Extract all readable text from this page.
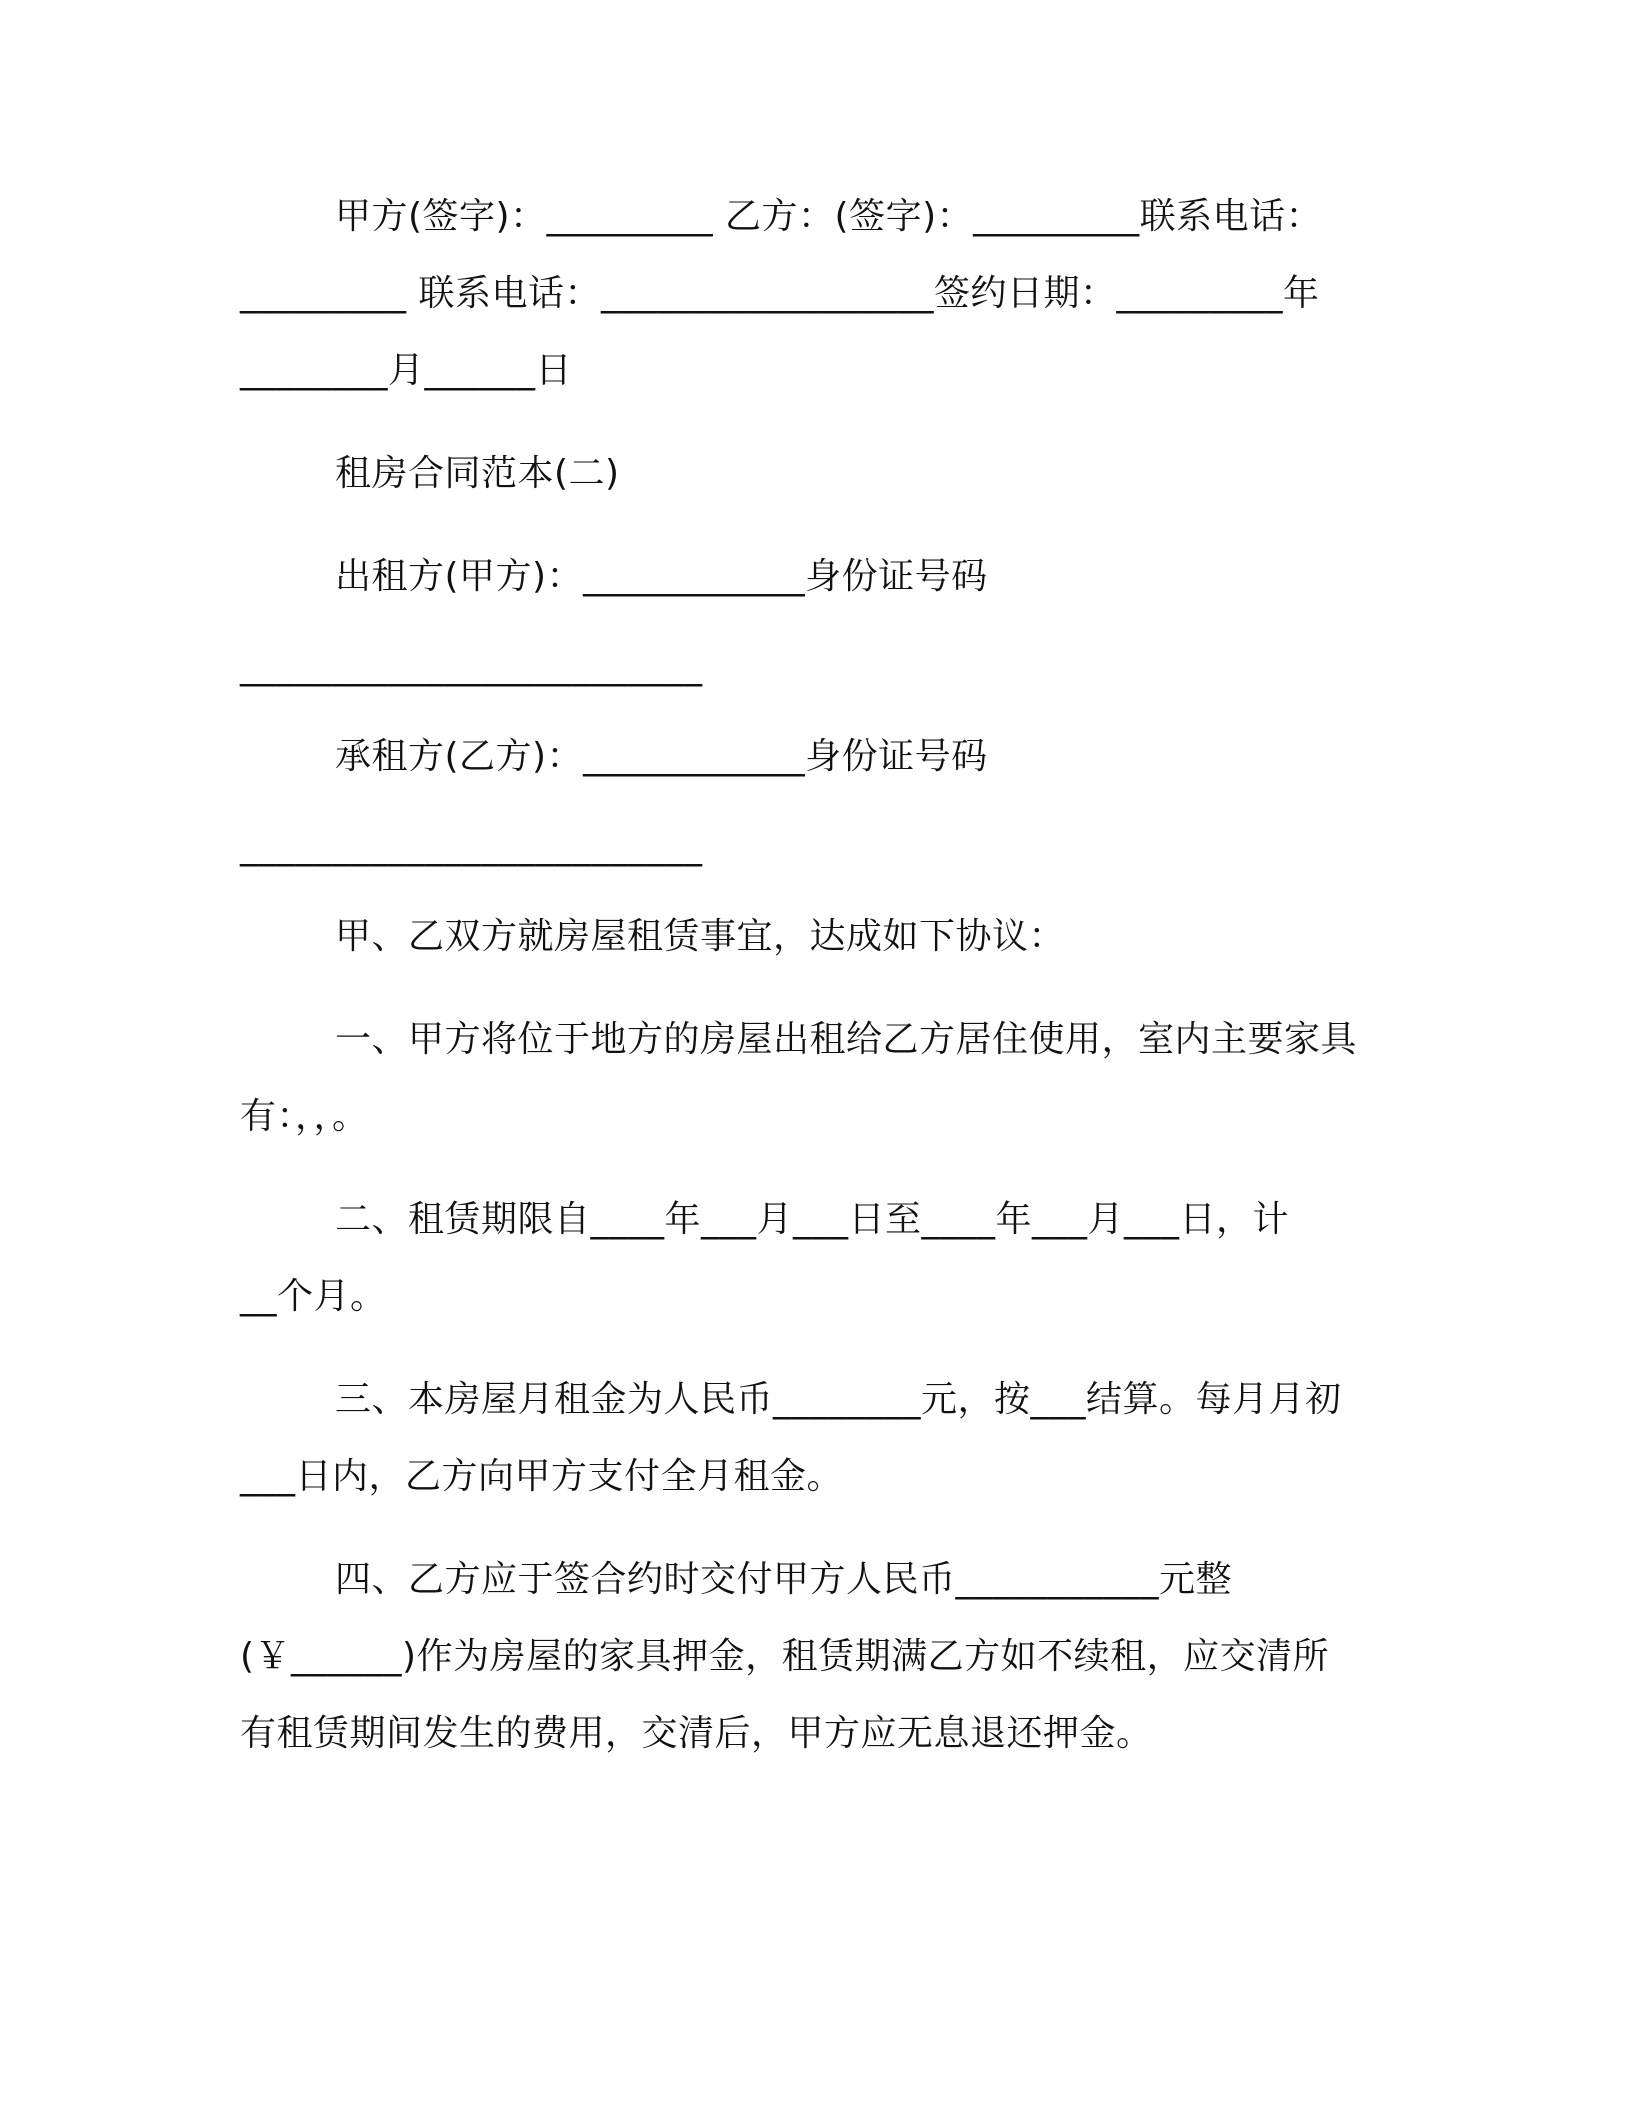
甲方(签字)：_________ 乙方：(签字)：_________联系电话：
_________ 联系电话：__________________签约日期：_________年
________月______日
租房合同范本(二)
出租方(甲方)：____________身份证号码
_________________________
承租方(乙方)：____________身份证号码
_________________________
甲、乙双方就房屋租赁事宜，达成如下协议：
一、甲方将位于地方的房屋出租给乙方居住使用，室内主要家具
有：，，。
二、租赁期限自____年___月___日至____年___月___日，计
__个月。
三、本房屋月租金为人民币________元，按___结算。每月月初
___日内，乙方向甲方支付全月租金。
四、乙方应于签合约时交付甲方人民币___________元整
(￥______)作为房屋的家具押金，租赁期满乙方如不续租，应交清所
有租赁期间发生的费用，交清后，甲方应无息退还押金。
